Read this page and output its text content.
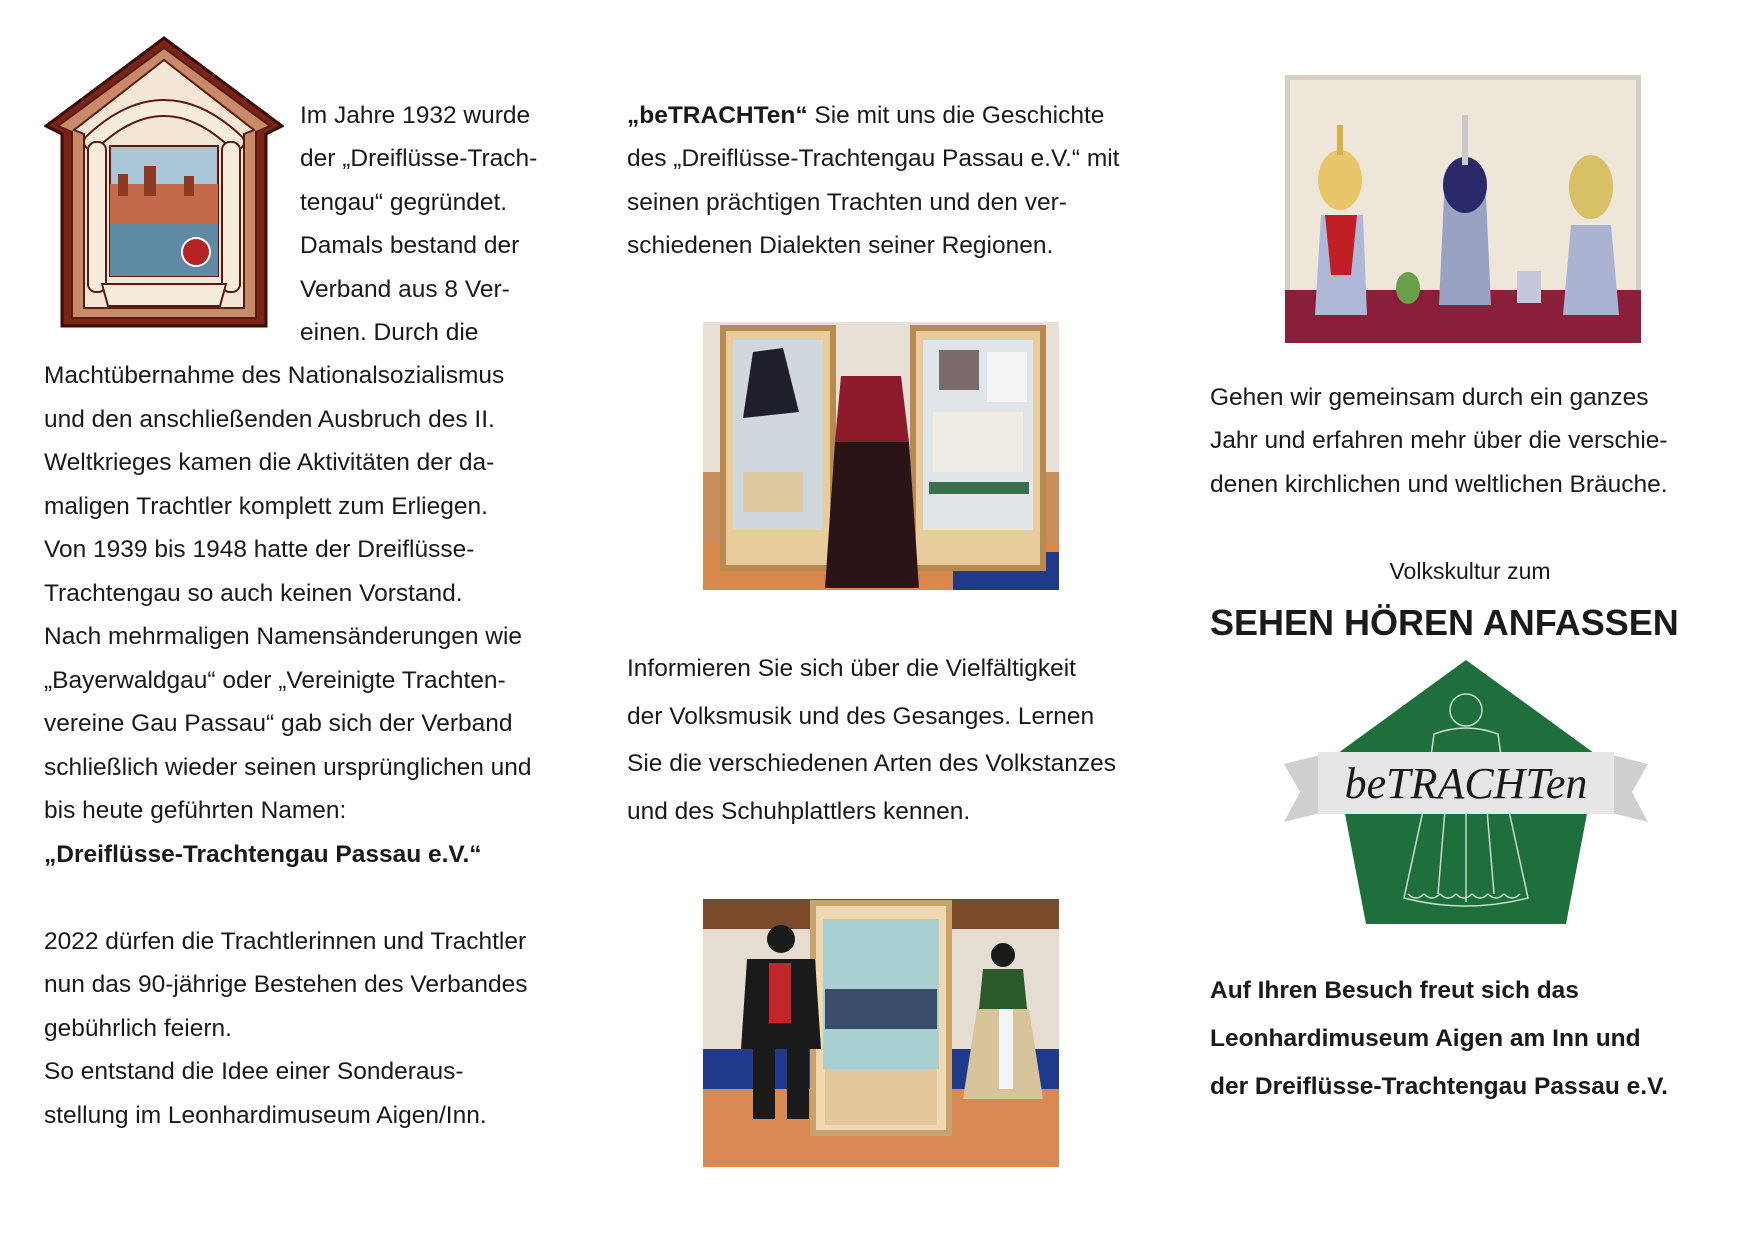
Im Jahre 1932 wurde
der „Dreiflüsse-Trach-
tengau“ gegründet.
Damals bestand der
Verband aus 8 Ver-
einen. Durch die
Machtübernahme des Nationalsozialismus
und den anschließenden Ausbruch des II.
Weltkrieges kamen die Aktivitäten der da-
maligen Trachtler komplett zum Erliegen.
Von 1939 bis 1948 hatte der Dreiflüsse-
Trachtengau so auch keinen Vorstand.
Nach mehrmaligen Namensänderungen wie
„Bayerwaldgau“ oder „Vereinigte Trachten-
vereine Gau Passau“ gab sich der Verband
schließlich wieder seinen ursprünglichen und
bis heute geführten Namen:
„Dreiflüsse-Trachtengau Passau e.V.“
2022 dürfen die Trachtlerinnen und Trachtler
nun das 90-jährige Bestehen des Verbandes
gebührlich feiern.
So entstand die Idee einer Sonderaus-
stellung im Leonhardimuseum Aigen/Inn.
„beTRACHTen“ Sie mit uns die Geschichte
des „Dreiflüsse-Trachtengau Passau e.V.“ mit
seinen prächtigen Trachten und den ver-
schiedenen Dialekten seiner Regionen.
Informieren Sie sich über die Vielfältigkeit
der Volksmusik und des Gesanges. Lernen
Sie die verschiedenen Arten des Volkstanzes
und des Schuhplattlers kennen.
Gehen wir gemeinsam durch ein ganzes
Jahr und erfahren mehr über die verschie-
denen kirchlichen und weltlichen Bräuche.
Volkskultur zum
SEHEN HÖREN ANFASSEN
beTRACHTen
Auf Ihren Besuch freut sich das
Leonhardimuseum Aigen am Inn und
der Dreiflüsse-Trachtengau Passau e.V.
